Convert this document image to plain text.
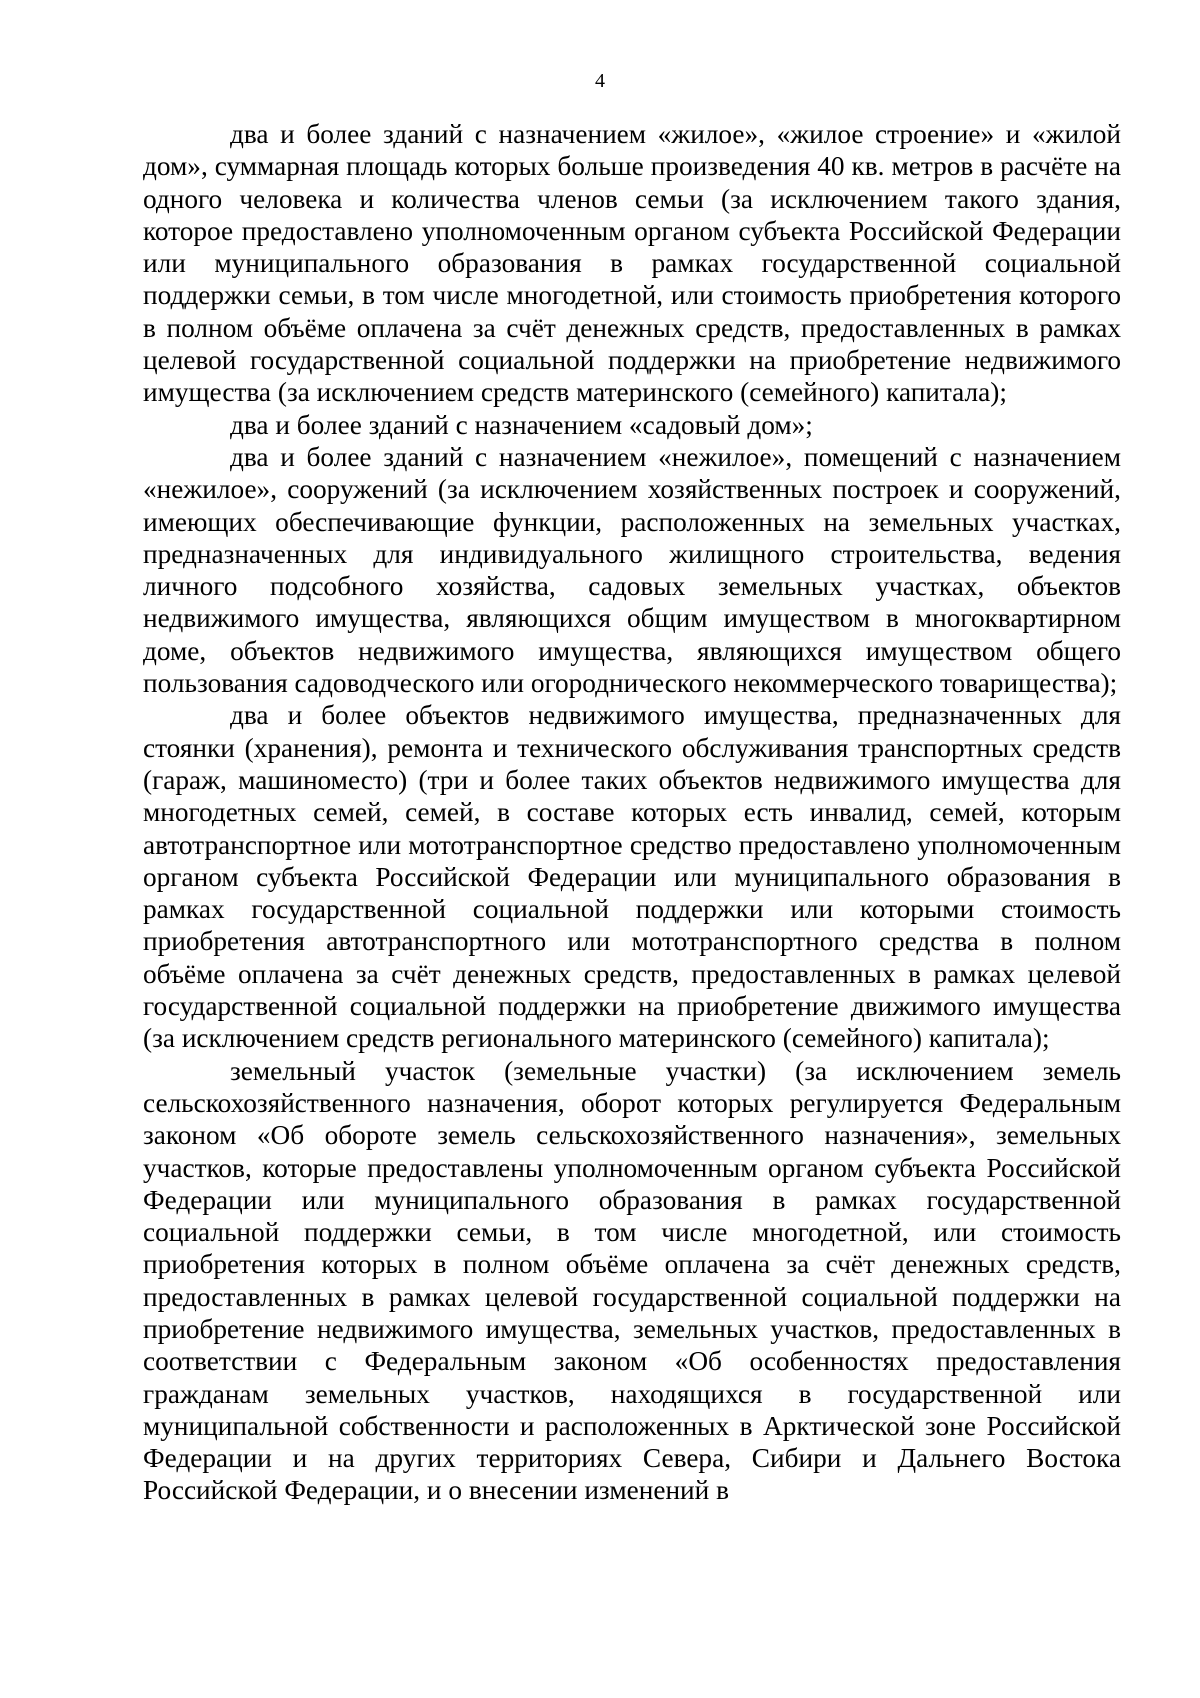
4

два и более зданий с назначением «жилое», «жилое строение» и «жилой дом», суммарная площадь которых больше произведения 40 кв. метров в расчёте на одного человека и количества членов семьи (за исключением такого здания, которое предоставлено уполномоченным органом субъекта Российской Федерации или муниципального образования в рамках государственной социальной поддержки семьи, в том числе многодетной, или стоимость приобретения которого в полном объёме оплачена за счёт денежных средств, предоставленных в рамках целевой государственной социальной поддержки на приобретение недвижимого имущества (за исключением средств материнского (семейного) капитала);

два и более зданий с назначением «садовый дом»;

два и более зданий с назначением «нежилое», помещений с назначением «нежилое», сооружений (за исключением хозяйственных построек и сооружений, имеющих обеспечивающие функции, расположенных на земельных участках, предназначенных для индивидуального жилищного строительства, ведения личного подсобного хозяйства, садовых земельных участках, объектов недвижимого имущества, являющихся общим имуществом в многоквартирном доме, объектов недвижимого имущества, являющихся имуществом общего пользования садоводческого или огороднического некоммерческого товарищества);

два и более объектов недвижимого имущества, предназначенных для стоянки (хранения), ремонта и технического обслуживания транспортных средств (гараж, машиноместо) (три и более таких объектов недвижимого имущества для многодетных семей, семей, в составе которых есть инвалид, семей, которым автотранспортное или мототранспортное средство предоставлено уполномоченным органом субъекта Российской Федерации или муниципального образования в рамках государственной социальной поддержки или которыми стоимость приобретения автотранспортного или мототранспортного средства в полном объёме оплачена за счёт денежных средств, предоставленных в рамках целевой государственной социальной поддержки на приобретение движимого имущества (за исключением средств регионального материнского (семейного) капитала);

земельный участок (земельные участки) (за исключением земель сельскохозяйственного назначения, оборот которых регулируется Федеральным законом «Об обороте земель сельскохозяйственного назначения», земельных участков, которые предоставлены уполномоченным органом субъекта Российской Федерации или муниципального образования в рамках государственной социальной поддержки семьи, в том числе многодетной, или стоимость приобретения которых в полном объёме оплачена за счёт денежных средств, предоставленных в рамках целевой государственной социальной поддержки на приобретение недвижимого имущества, земельных участков, предоставленных в соответствии с Федеральным законом «Об особенностях предоставления гражданам земельных участков, находящихся в государственной или муниципальной собственности и расположенных в Арктической зоне Российской Федерации и на других территориях Севера, Сибири и Дальнего Востока Российской Федерации, и о внесении изменений в
